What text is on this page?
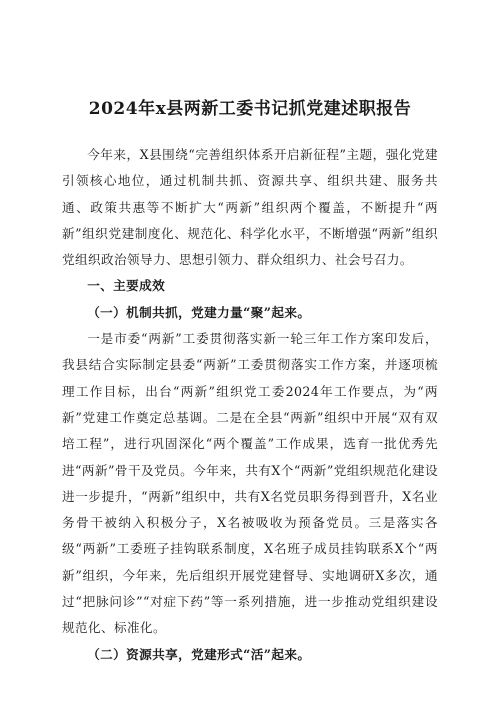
2024年x县两新工委书记抓党建述职报告

今年来，X县围绕“完善组织体系开启新征程”主题，强化党建引领核心地位，通过机制共抓、资源共享、组织共建、服务共通、政策共惠等不断扩大“两新”组织两个覆盖，不断提升“两新”组织党建制度化、规范化、科学化水平，不断增强“两新”组织党组织政治领导力、思想引领力、群众组织力、社会号召力。

一、主要成效

（一）机制共抓，党建力量“聚”起来。

一是市委“两新”工委贯彻落实新一轮三年工作方案印发后，我县结合实际制定县委“两新”工委贯彻落实工作方案，并逐项梳理工作目标，出台“两新”组织党工委2024年工作要点，为“两新”党建工作奠定总基调。二是在全县“两新”组织中开展“双有双培工程”，进行巩固深化“两个覆盖”工作成果，选育一批优秀先进“两新”骨干及党员。今年来，共有X个“两新”党组织规范化建设进一步提升，“两新”组织中，共有X名党员职务得到晋升，X名业务骨干被纳入积极分子，X名被吸收为预备党员。三是落实各级“两新”工委班子挂钩联系制度，X名班子成员挂钩联系X个“两新”组织，今年来，先后组织开展党建督导、实地调研X多次，通过“把脉问诊”“对症下药”等一系列措施，进一步推动党组织建设规范化、标准化。

（二）资源共享，党建形式“活”起来。
